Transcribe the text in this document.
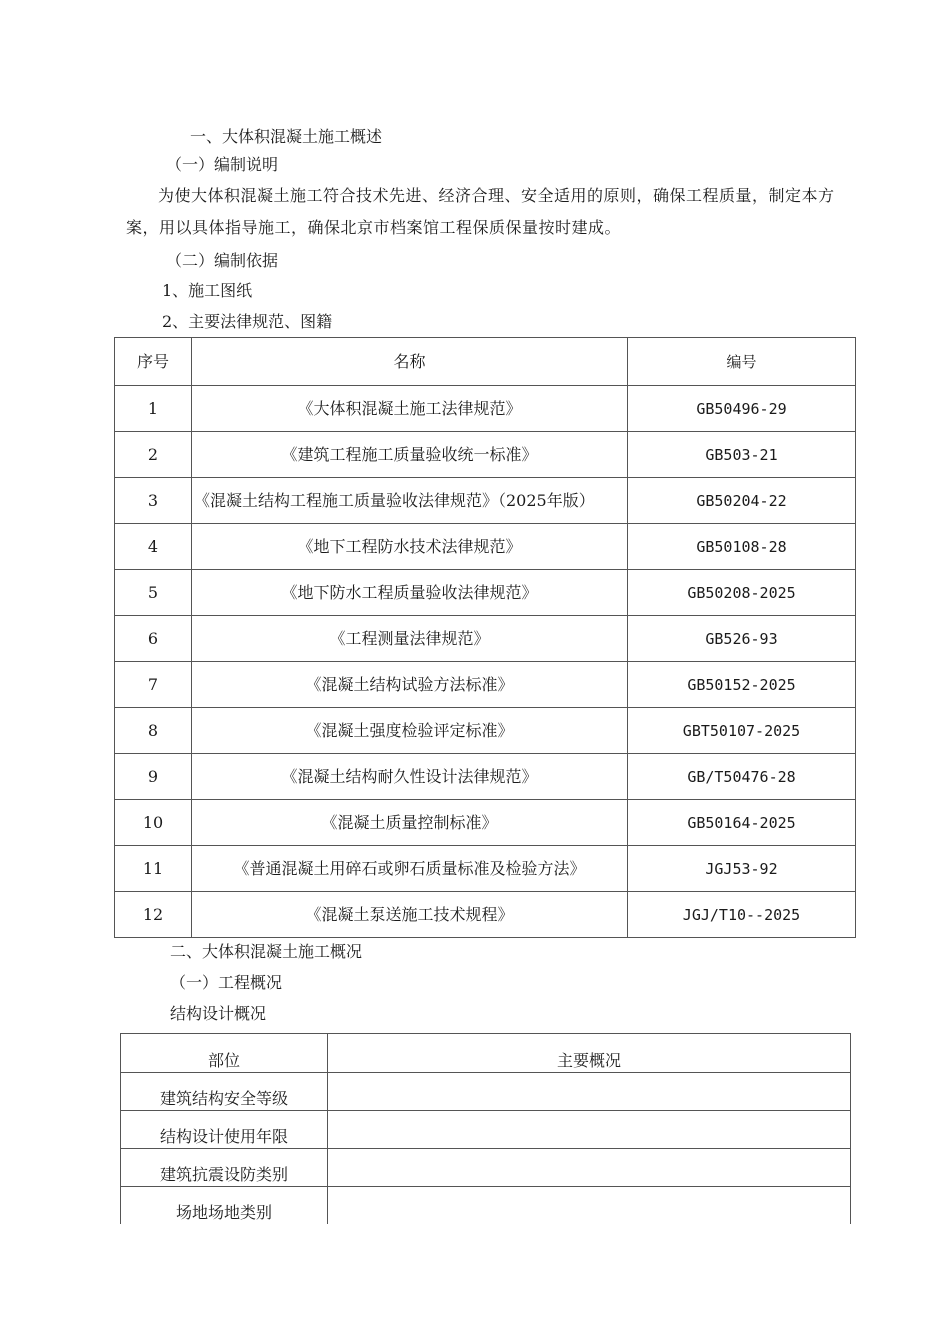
一、大体积混凝土施工概述
（一）编制说明
为使大体积混凝土施工符合技术先进、经济合理、安全适用的原则，确保工程质量，制定本方案，用以具体指导施工，确保北京市档案馆工程保质保量按时建成。
（二）编制依据
1、施工图纸
2、主要法律规范、图籍
序号	名称	编号
1	《大体积混凝土施工法律规范》	GB50496-29
2	《建筑工程施工质量验收统一标准》	GB503-21
3	《混凝土结构工程施工质量验收法律规范》（2025年版）	GB50204-22
4	《地下工程防水技术法律规范》	GB50108-28
5	《地下防水工程质量验收法律规范》	GB50208-2025
6	《工程测量法律规范》	GB526-93
7	《混凝土结构试验方法标准》	GB50152-2025
8	《混凝土强度检验评定标准》	GBT50107-2025
9	《混凝土结构耐久性设计法律规范》	GB/T50476-28
10	《混凝土质量控制标准》	GB50164-2025
11	《普通混凝土用碎石或卵石质量标准及检验方法》	JGJ53-92
12	《混凝土泵送施工技术规程》	JGJ/T10--2025
二、大体积混凝土施工概况
（一）工程概况
结构设计概况
部位	主要概况
建筑结构安全等级	
结构设计使用年限	
建筑抗震设防类别	
场地场地类别	
